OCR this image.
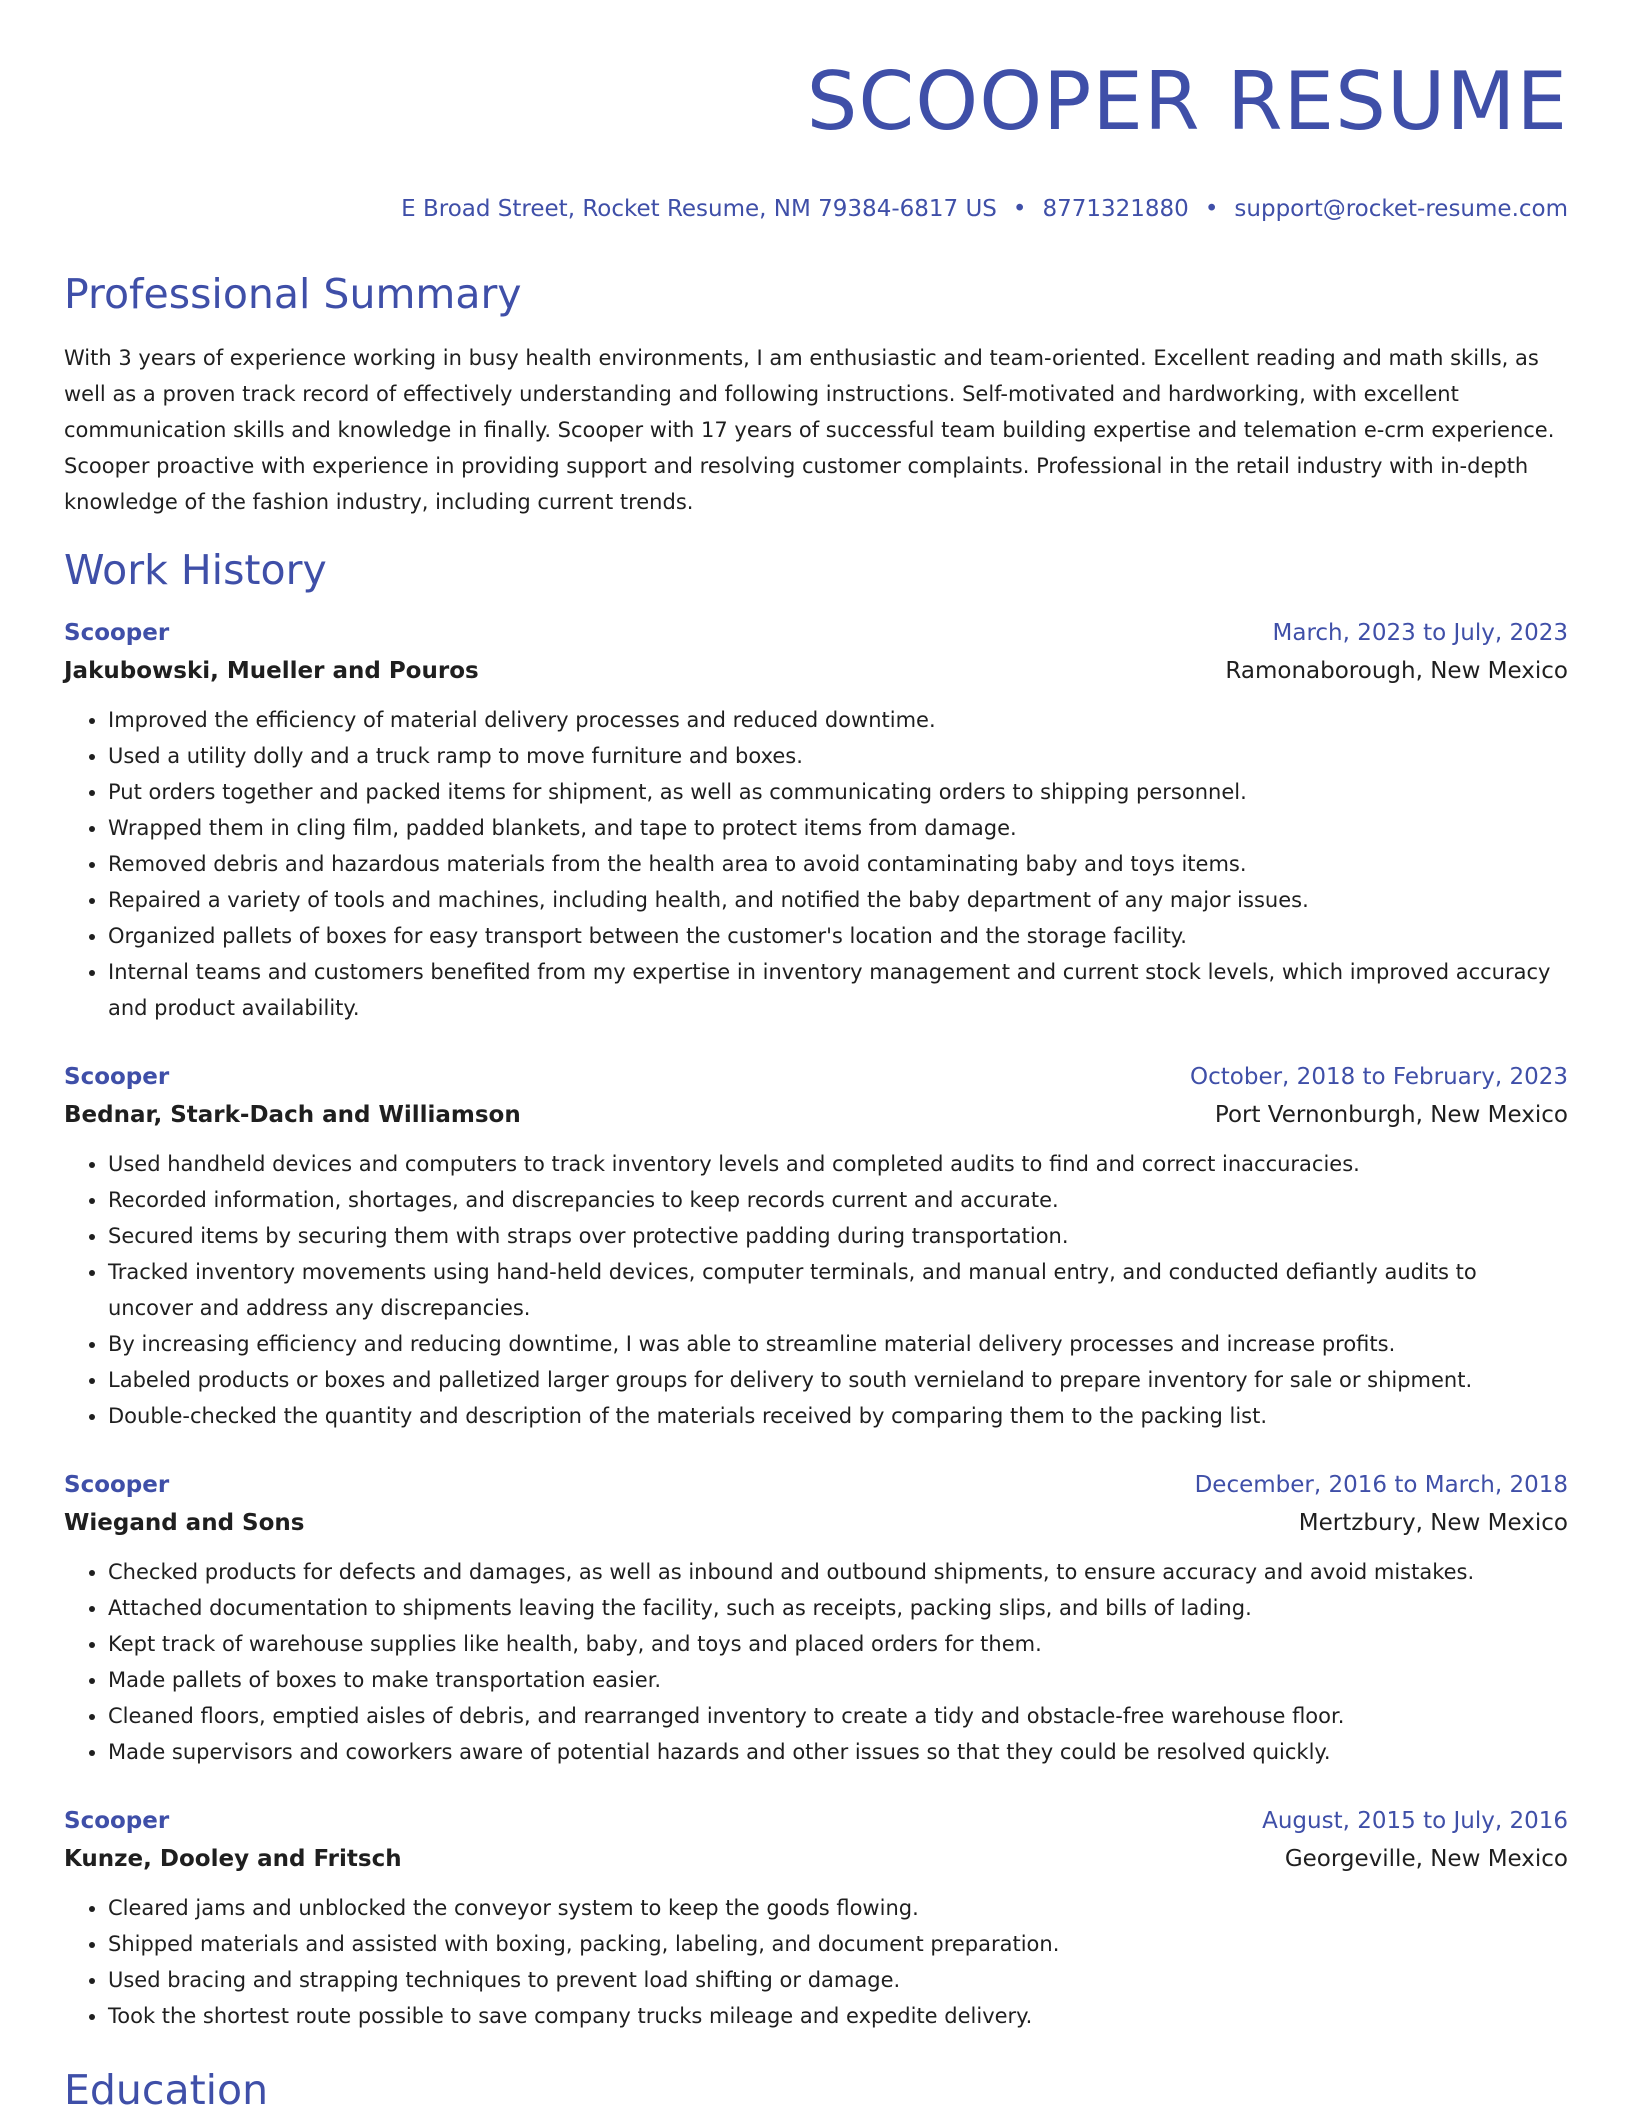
SCOOPER RESUME
E Broad Street, Rocket Resume, NM 79384-6817 US • 8771321880 • support@rocket-resume.com
Professional Summary
With 3 years of experience working in busy health environments, I am enthusiastic and team-oriented. Excellent reading and math skills, as well as a proven track record of effectively understanding and following instructions. Self-motivated and hardworking, with excellent communication skills and knowledge in finally. Scooper with 17 years of successful team building expertise and telemation e-crm experience. Scooper proactive with experience in providing support and resolving customer complaints. Professional in the retail industry with in-depth knowledge of the fashion industry, including current trends.
Work History
Scooper	March, 2023 to July, 2023
Jakubowski, Mueller and Pouros	Ramonaborough, New Mexico
• Improved the efficiency of material delivery processes and reduced downtime.
• Used a utility dolly and a truck ramp to move furniture and boxes.
• Put orders together and packed items for shipment, as well as communicating orders to shipping personnel.
• Wrapped them in cling film, padded blankets, and tape to protect items from damage.
• Removed debris and hazardous materials from the health area to avoid contaminating baby and toys items.
• Repaired a variety of tools and machines, including health, and notified the baby department of any major issues.
• Organized pallets of boxes for easy transport between the customer's location and the storage facility.
• Internal teams and customers benefited from my expertise in inventory management and current stock levels, which improved accuracy and product availability.
Scooper	October, 2018 to February, 2023
Bednar, Stark-Dach and Williamson	Port Vernonburgh, New Mexico
• Used handheld devices and computers to track inventory levels and completed audits to find and correct inaccuracies.
• Recorded information, shortages, and discrepancies to keep records current and accurate.
• Secured items by securing them with straps over protective padding during transportation.
• Tracked inventory movements using hand-held devices, computer terminals, and manual entry, and conducted defiantly audits to uncover and address any discrepancies.
• By increasing efficiency and reducing downtime, I was able to streamline material delivery processes and increase profits.
• Labeled products or boxes and palletized larger groups for delivery to south vernieland to prepare inventory for sale or shipment.
• Double-checked the quantity and description of the materials received by comparing them to the packing list.
Scooper	December, 2016 to March, 2018
Wiegand and Sons	Mertzbury, New Mexico
• Checked products for defects and damages, as well as inbound and outbound shipments, to ensure accuracy and avoid mistakes.
• Attached documentation to shipments leaving the facility, such as receipts, packing slips, and bills of lading.
• Kept track of warehouse supplies like health, baby, and toys and placed orders for them.
• Made pallets of boxes to make transportation easier.
• Cleaned floors, emptied aisles of debris, and rearranged inventory to create a tidy and obstacle-free warehouse floor.
• Made supervisors and coworkers aware of potential hazards and other issues so that they could be resolved quickly.
Scooper	August, 2015 to July, 2016
Kunze, Dooley and Fritsch	Georgeville, New Mexico
• Cleared jams and unblocked the conveyor system to keep the goods flowing.
• Shipped materials and assisted with boxing, packing, labeling, and document preparation.
• Used bracing and strapping techniques to prevent load shifting or damage.
• Took the shortest route possible to save company trucks mileage and expedite delivery.
Education
